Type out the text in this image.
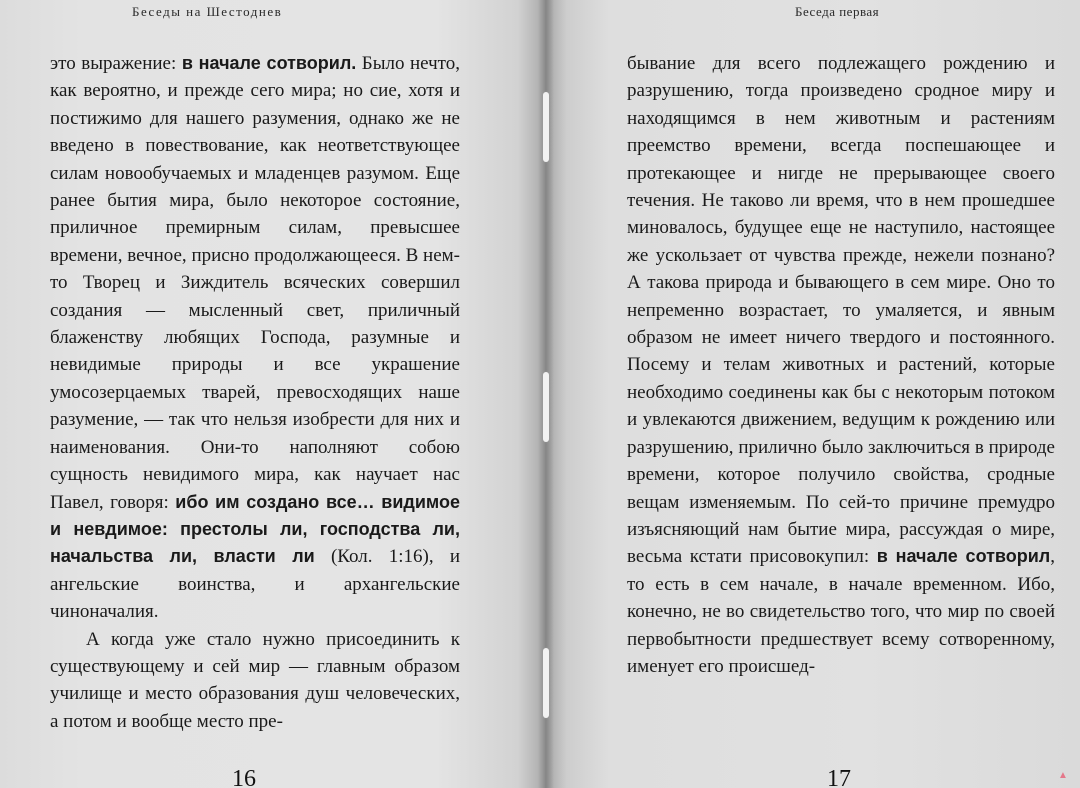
Беседы на Шестоднев

это выражение: в начале сотворил. Было нечто, как вероятно, и прежде сего мира; но сие, хотя и постижимо для нашего разумения, однако же не введено в повествование, как неответствующее силам новообучаемых и младенцев разумом. Еще ранее бытия мира, было некоторое состояние, приличное премирным силам, превысшее времени, вечное, присно продолжающееся. В нем-то Творец и Зиждитель всяческих совершил создания — мысленный свет, приличный блаженству любящих Господа, разумные и невидимые природы и все украшение умосозерцаемых тварей, превосходящих наше разумение, — так что нельзя изобрести для них и наименования. Они-то наполняют собою сущность невидимого мира, как научает нас Павел, говоря: ибо им создано все… видимое и невдимое: престолы ли, господства ли, начальства ли, власти ли (Кол. 1:16), и ангельские воинства, и архангельские чиноначалия.

А когда уже стало нужно присоединить к существующему и сей мир — главным образом училище и место образования душ человеческих, а потом и вообще место пре-

16
Беседа первая

бывание для всего подлежащего рождению и разрушению, тогда произведено сродное миру и находящимся в нем животным и растениям преемство времени, всегда поспешающее и протекающее и нигде не прерывающее своего течения. Не таково ли время, что в нем прошедшее миновалось, будущее еще не наступило, настоящее же ускользает от чувства прежде, нежели познано? А такова природа и бывающего в сем мире. Оно то непременно возрастает, то умаляется, и явным образом не имеет ничего твердого и постоянного. Посему и телам животных и растений, которые необходимо соединены как бы с некоторым потоком и увлекаются движением, ведущим к рождению или разрушению, прилично было заключиться в природе времени, которое получило свойства, сродные вещам изменяемым. По сей-то причине премудро изъясняющий нам бытие мира, рассуждая о мире, весьма кстати присовокупил: в начале сотворил, то есть в сем начале, в начале временном. Ибо, конечно, не во свидетельство того, что мир по своей первобытности предшествует всему сотворенному, именует его происшед-

17	▲
